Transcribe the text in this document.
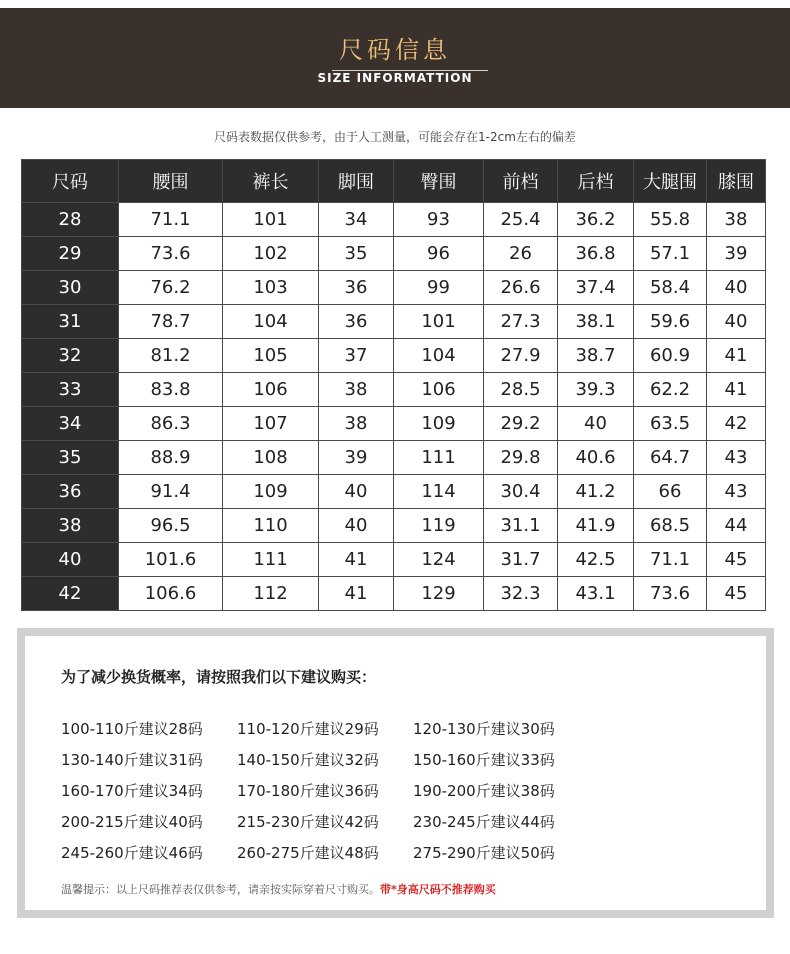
尺码信息
SIZE INFORMATTION
尺码表数据仅供参考，由于人工测量，可能会存在1-2cm左右的偏差
尺码	腰围	裤长	脚围	臀围	前档	后档	大腿围	膝围
28	71.1	101	34	93	25.4	36.2	55.8	38
29	73.6	102	35	96	26	36.8	57.1	39
30	76.2	103	36	99	26.6	37.4	58.4	40
31	78.7	104	36	101	27.3	38.1	59.6	40
32	81.2	105	37	104	27.9	38.7	60.9	41
33	83.8	106	38	106	28.5	39.3	62.2	41
34	86.3	107	38	109	29.2	40	63.5	42
35	88.9	108	39	111	29.8	40.6	64.7	43
36	91.4	109	40	114	30.4	41.2	66	43
38	96.5	110	40	119	31.1	41.9	68.5	44
40	101.6	111	41	124	31.7	42.5	71.1	45
42	106.6	112	41	129	32.3	43.1	73.6	45
为了减少换货概率，请按照我们以下建议购买：
100-110斤建议28码	110-120斤建议29码	120-130斤建议30码
130-140斤建议31码	140-150斤建议32码	150-160斤建议33码
160-170斤建议34码	170-180斤建议36码	190-200斤建议38码
200-215斤建议40码	215-230斤建议42码	230-245斤建议44码
245-260斤建议46码	260-275斤建议48码	275-290斤建议50码
温馨提示：以上尺码推荐表仅供参考，请亲按实际穿着尺寸购买。带*身高尺码不推荐购买
